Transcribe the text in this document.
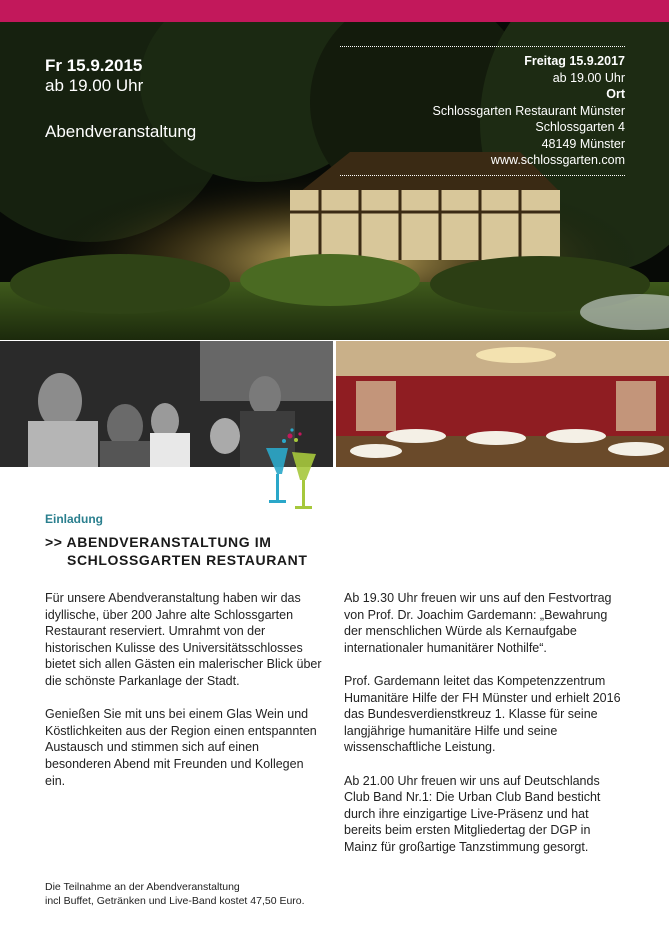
Fr 15.9.2015
ab 19.00 Uhr
Abendveranstaltung
Freitag 15.9.2017
ab 19.00 Uhr
Ort
Schlossgarten Restaurant Münster
Schlossgarten 4
48149 Münster
www.schlossgarten.com
Einladung
>> ABENDVERANSTALTUNG IM
SCHLOSSGARTEN RESTAURANT

Für unsere Abendveranstaltung haben wir das idyllische, über 200 Jahre alte Schlossgarten Restaurant reserviert. Umrahmt von der historischen Kulisse des Universitätsschlosses bietet sich allen Gästen ein malerischer Blick über die schönste Parkanlage der Stadt.

Genießen Sie mit uns bei einem Glas Wein und Köstlichkeiten aus der Region einen entspannten Austausch und stimmen sich auf einen besonderen Abend mit Freunden und Kollegen ein.

Ab 19.30 Uhr freuen wir uns auf den Festvortrag von Prof. Dr. Joachim Gardemann: „Bewahrung der menschlichen Würde als Kernaufgabe internationaler humanitärer Nothilfe“.

Prof. Gardemann leitet das Kompetenzzentrum Humanitäre Hilfe der FH Münster und erhielt 2016 das Bundesverdienstkreuz 1. Klasse für seine langjährige humanitäre Hilfe und seine wissenschaftliche Leistung.

Ab 21.00 Uhr freuen wir uns auf Deutschlands Club Band Nr.1: Die Urban Club Band besticht durch ihre einzigartige Live-Präsenz und hat bereits beim ersten Mitgliedertag der DGP in Mainz für großartige Tanzstimmung gesorgt.

Die Teilnahme an der Abendveranstaltung
incl Buffet, Getränken und Live-Band kostet 47,50 Euro.
